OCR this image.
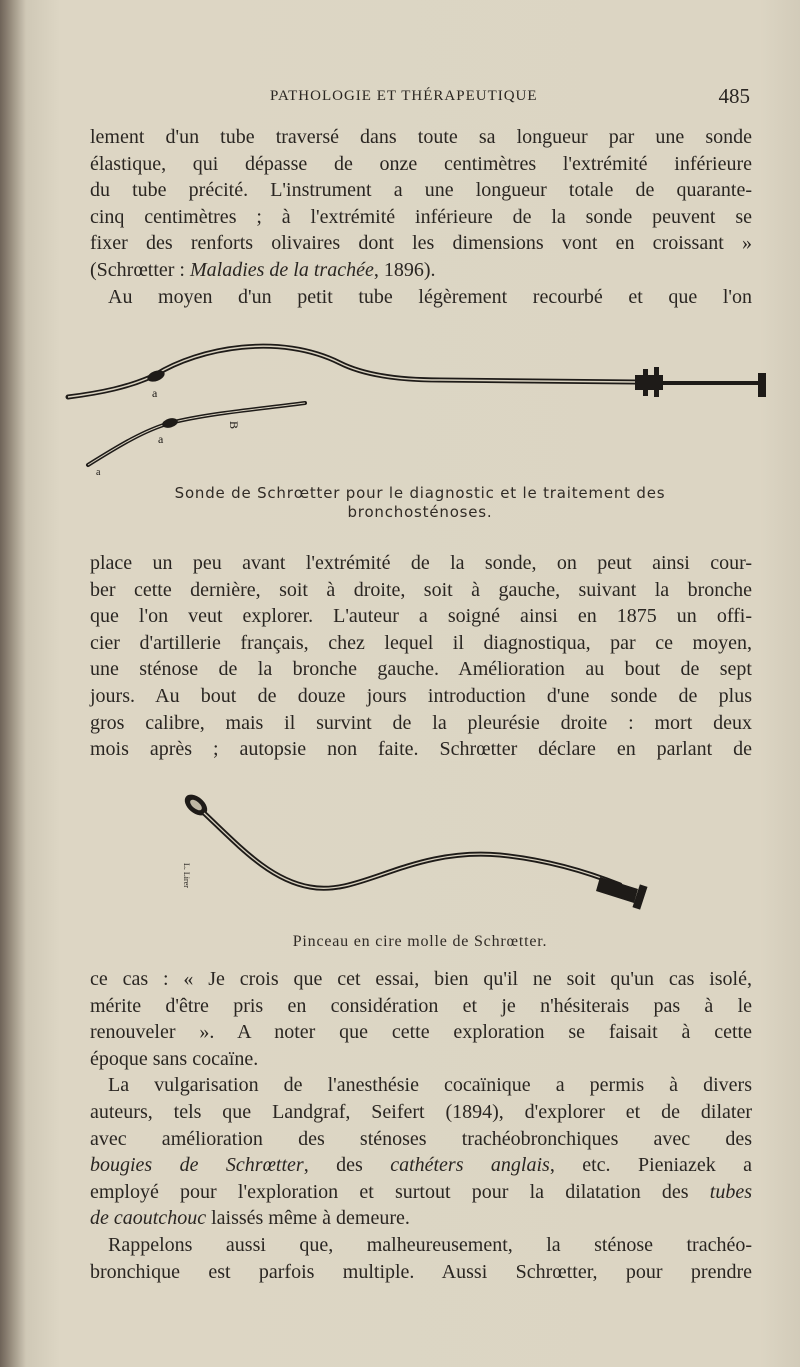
PATHOLOGIE ET THÉRAPEUTIQUE	485
lement d'un tube traversé dans toute sa longueur par une sonde
élastique, qui dépasse de onze centimètres l'extrémité inférieure
du tube précité. L'instrument a une longueur totale de quarante-
cinq centimètres ; à l'extrémité inférieure de la sonde peuvent se
fixer des renforts olivaires dont les dimensions vont en croissant »
(Schrœtter : Maladies de la trachée, 1896).
Au moyen d'un petit tube légèrement recourbé et que l'on
a
B
a
a
Sonde de Schrœtter pour le diagnostic et le traitement des bronchosténoses.
place un peu avant l'extrémité de la sonde, on peut ainsi cour-
ber cette dernière, soit à droite, soit à gauche, suivant la bronche
que l'on veut explorer. L'auteur a soigné ainsi en 1875 un offi-
cier d'artillerie français, chez lequel il diagnostiqua, par ce moyen,
une sténose de la bronche gauche. Amélioration au bout de sept
jours. Au bout de douze jours introduction d'une sonde de plus
gros calibre, mais il survint de la pleurésie droite : mort deux
mois après ; autopsie non faite. Schrœtter déclare en parlant de
L. Lirer
Pinceau en cire molle de Schrœtter.
ce cas : « Je crois que cet essai, bien qu'il ne soit qu'un cas isolé,
mérite d'être pris en considération et je n'hésiterais pas à le
renouveler ». A noter que cette exploration se faisait à cette
époque sans cocaïne.
La vulgarisation de l'anesthésie cocaïnique a permis à divers
auteurs, tels que Landgraf, Seifert (1894), d'explorer et de dilater
avec amélioration des sténoses trachéobronchiques avec des
bougies de Schrœtter, des cathéters anglais, etc. Pieniazek a
employé pour l'exploration et surtout pour la dilatation des tubes
de caoutchouc laissés même à demeure.
Rappelons aussi que, malheureusement, la sténose trachéo-
bronchique est parfois multiple. Aussi Schrœtter, pour prendre
